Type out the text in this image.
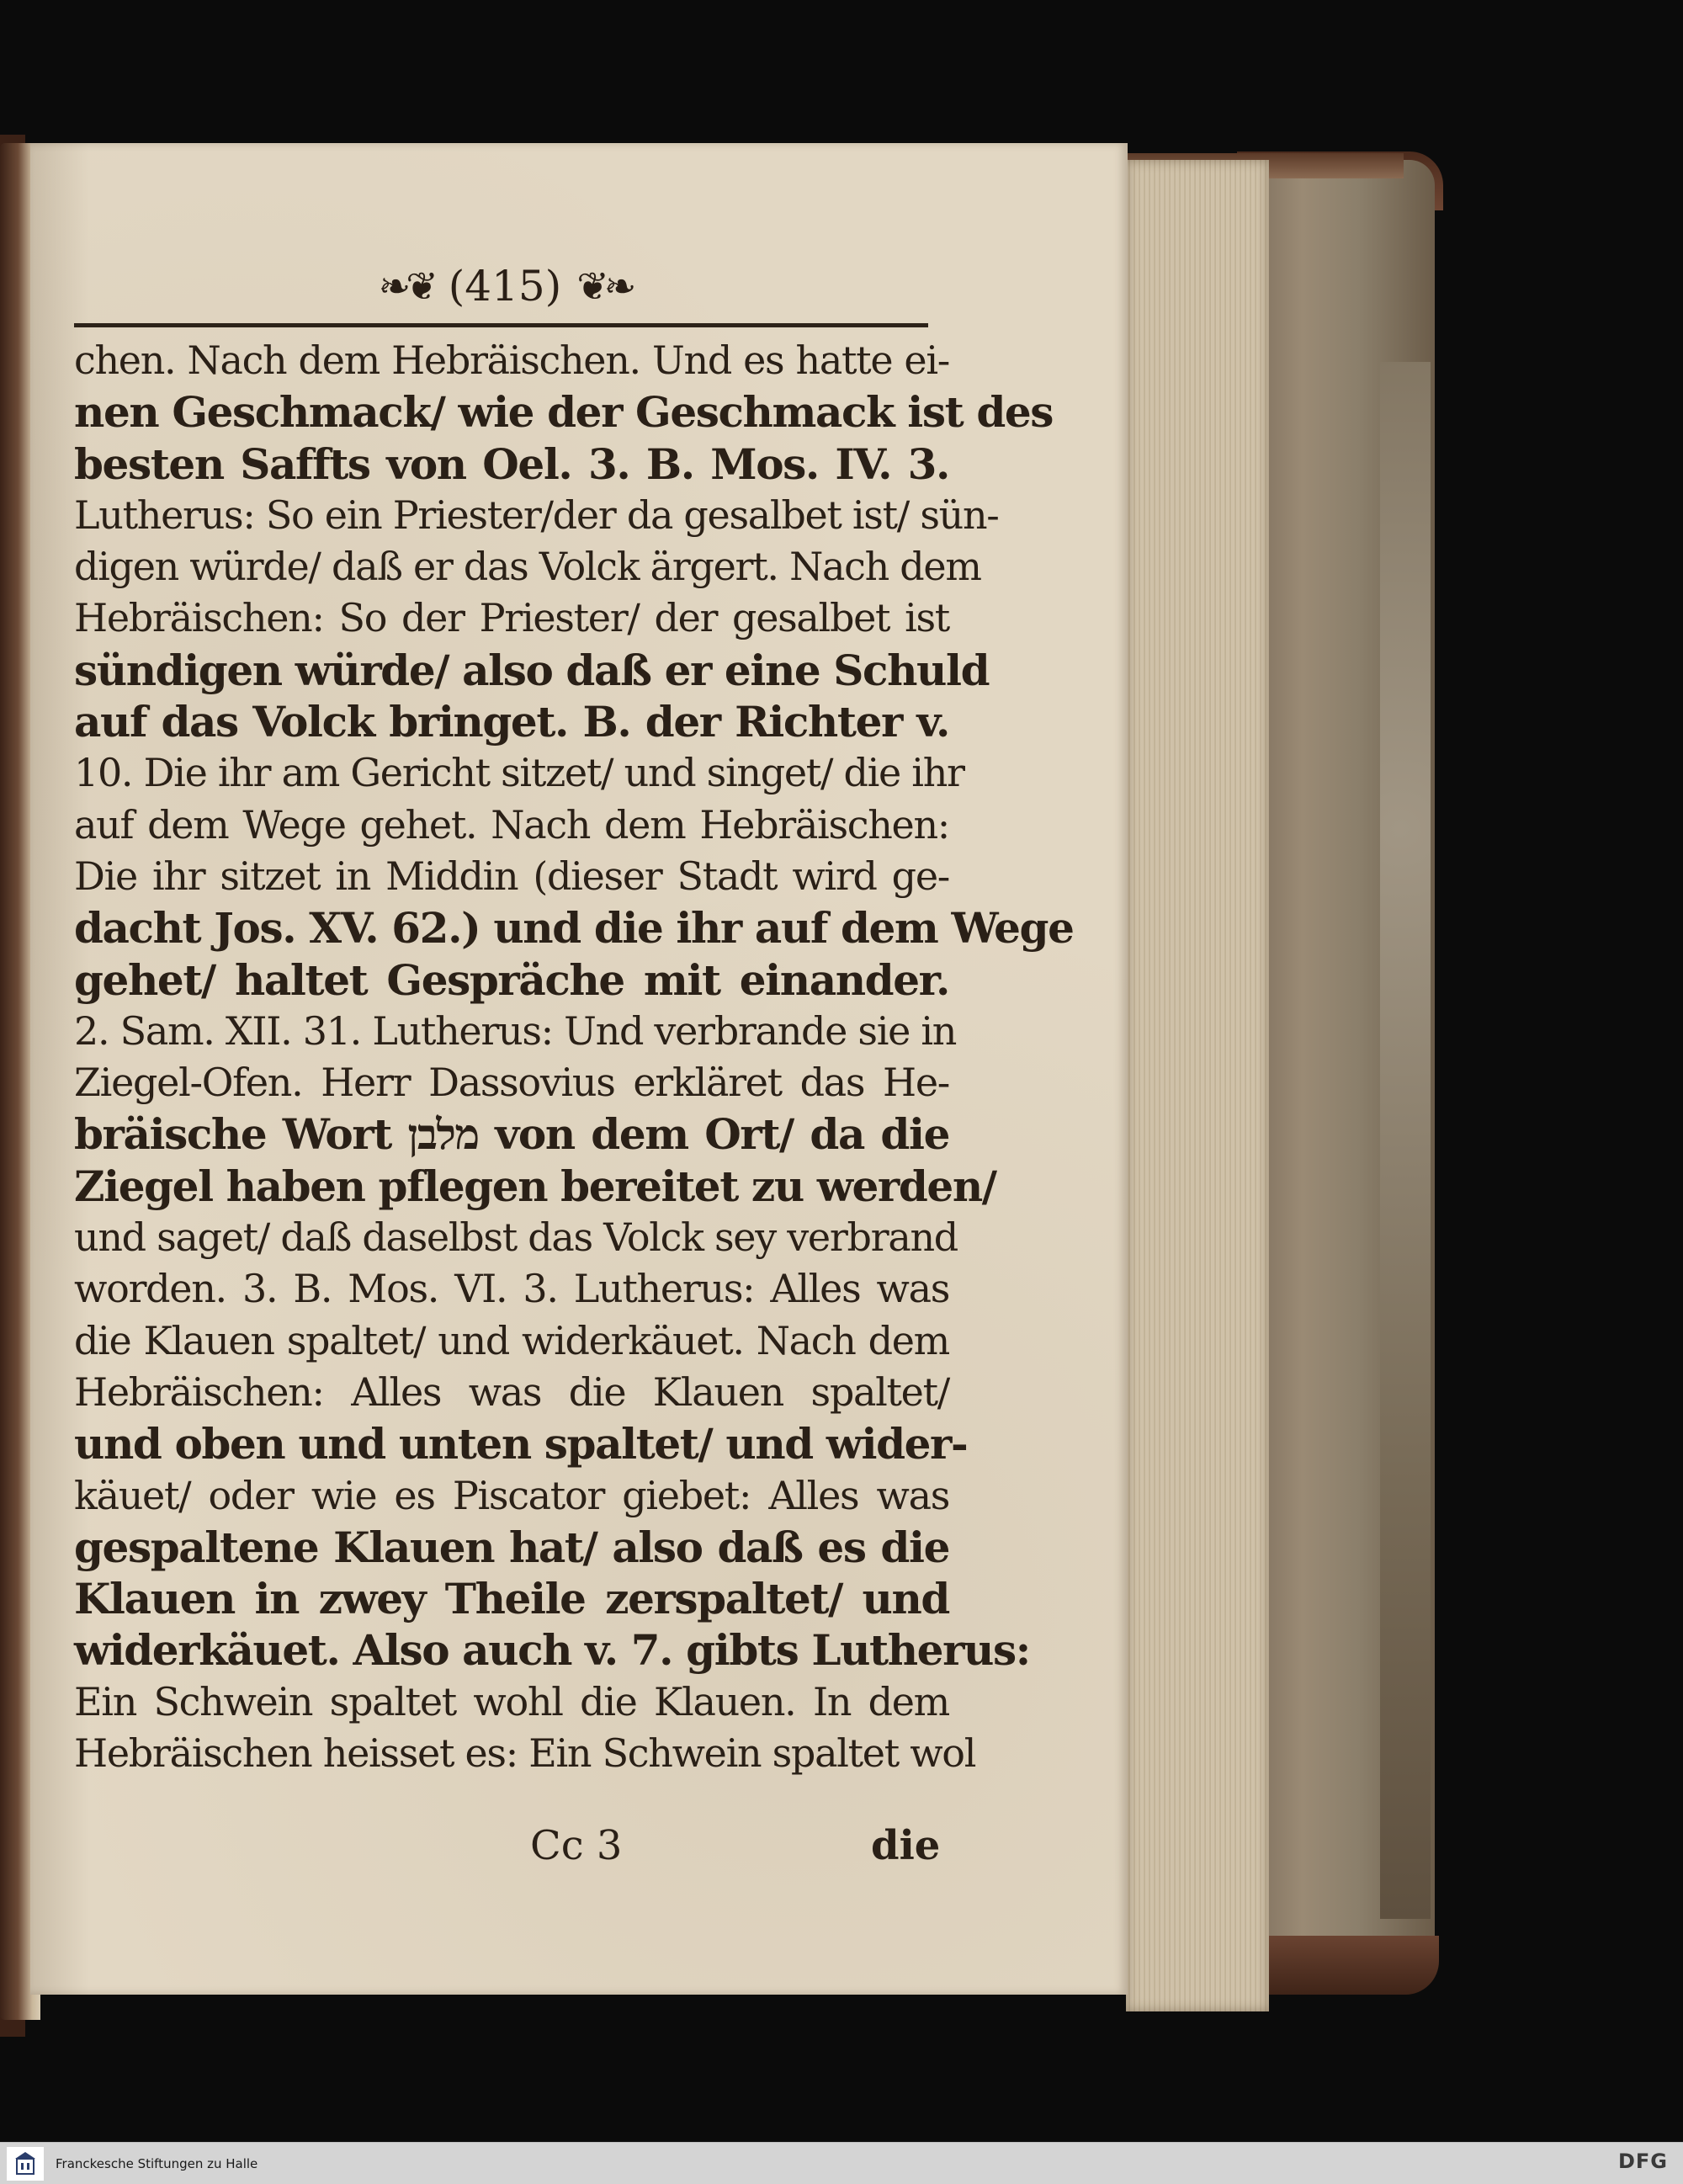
❧❦ (415) ❦❧
chen. Nach dem Hebräischen. Und es hatte ei-
nen Geschmack/ wie der Geschmack ist des
besten Saffts von Oel. 3. B. Mos. IV. 3.
Lutherus: So ein Priester/der da gesalbet ist/ sün-
digen würde/ daß er das Volck ärgert. Nach dem
Hebräischen: So der Priester/ der gesalbet ist
sündigen würde/ also daß er eine Schuld
auf das Volck bringet. B. der Richter v.
10. Die ihr am Gericht sitzet/ und singet/ die ihr
auf dem Wege gehet. Nach dem Hebräischen:
Die ihr sitzet in Middin (dieser Stadt wird ge-
dacht Jos. XV. 62.) und die ihr auf dem Wege
gehet/ haltet Gespräche mit einander.
2. Sam. XII. 31. Lutherus: Und verbrande sie in
Ziegel-Ofen. Herr Dassovius erkläret das He-
bräische Wort מלבן von dem Ort/ da die
Ziegel haben pflegen bereitet zu werden/
und saget/ daß daselbst das Volck sey verbrand
worden. 3. B. Mos. VI. 3. Lutherus: Alles was
die Klauen spaltet/ und widerkäuet. Nach dem
Hebräischen: Alles was die Klauen spaltet/
und oben und unten spaltet/ und wider-
käuet/ oder wie es Piscator giebet: Alles was
gespaltene Klauen hat/ also daß es die
Klauen in zwey Theile zerspaltet/ und
widerkäuet. Also auch v. 7. gibts Lutherus:
Ein Schwein spaltet wohl die Klauen. In dem
Hebräischen heisset es: Ein Schwein spaltet wol
Cc 3	die
Franckesche Stiftungen zu Halle	DFG
